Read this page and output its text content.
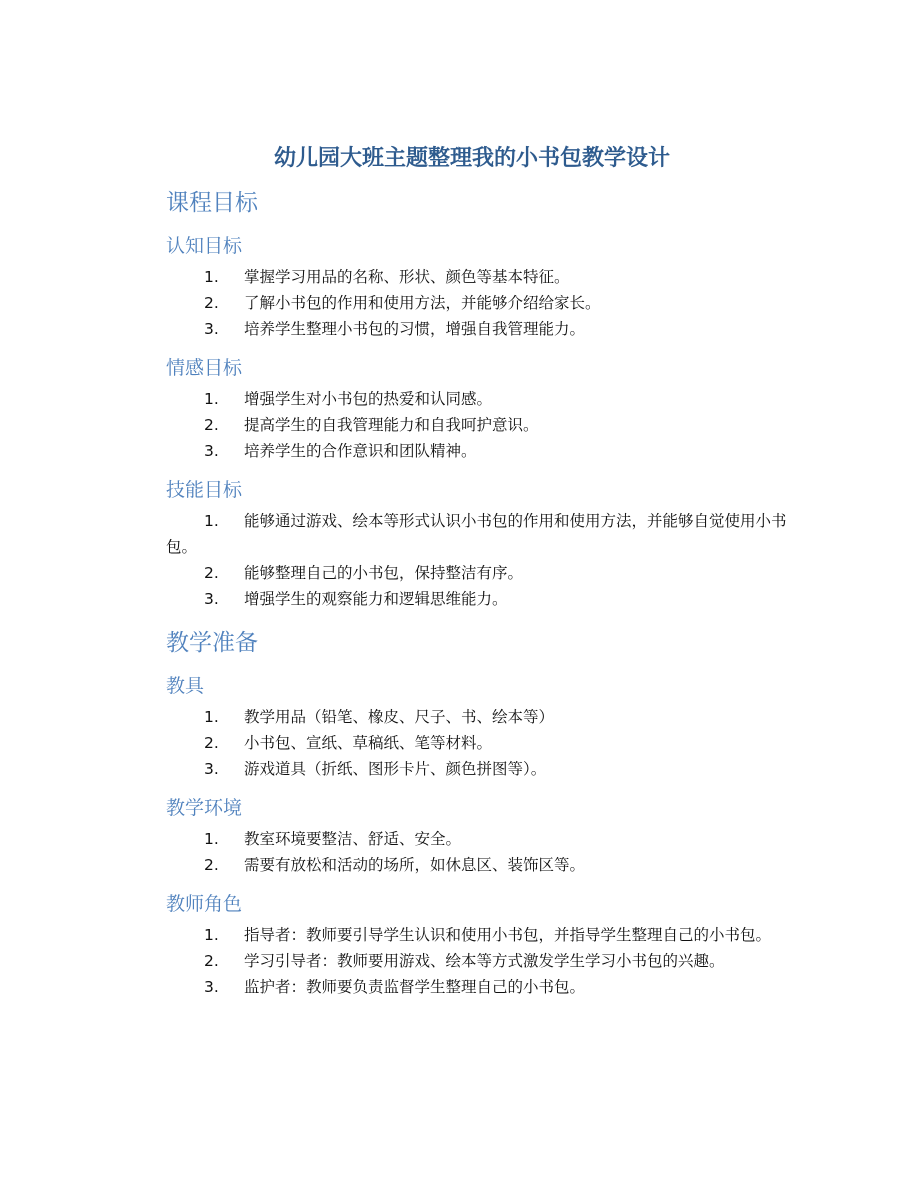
幼儿园大班主题整理我的小书包教学设计
课程目标
认知目标
1. 掌握学习用品的名称、形状、颜色等基本特征。
2. 了解小书包的作用和使用方法，并能够介绍给家长。
3. 培养学生整理小书包的习惯，增强自我管理能力。
情感目标
1. 增强学生对小书包的热爱和认同感。
2. 提高学生的自我管理能力和自我呵护意识。
3. 培养学生的合作意识和团队精神。
技能目标
1. 能够通过游戏、绘本等形式认识小书包的作用和使用方法，并能够自觉使用小书包。
2. 能够整理自己的小书包，保持整洁有序。
3. 增强学生的观察能力和逻辑思维能力。
教学准备
教具
1. 教学用品（铅笔、橡皮、尺子、书、绘本等）
2. 小书包、宣纸、草稿纸、笔等材料。
3. 游戏道具（折纸、图形卡片、颜色拼图等）。
教学环境
1. 教室环境要整洁、舒适、安全。
2. 需要有放松和活动的场所，如休息区、装饰区等。
教师角色
1. 指导者：教师要引导学生认识和使用小书包，并指导学生整理自己的小书包。
2. 学习引导者：教师要用游戏、绘本等方式激发学生学习小书包的兴趣。
3. 监护者：教师要负责监督学生整理自己的小书包。
